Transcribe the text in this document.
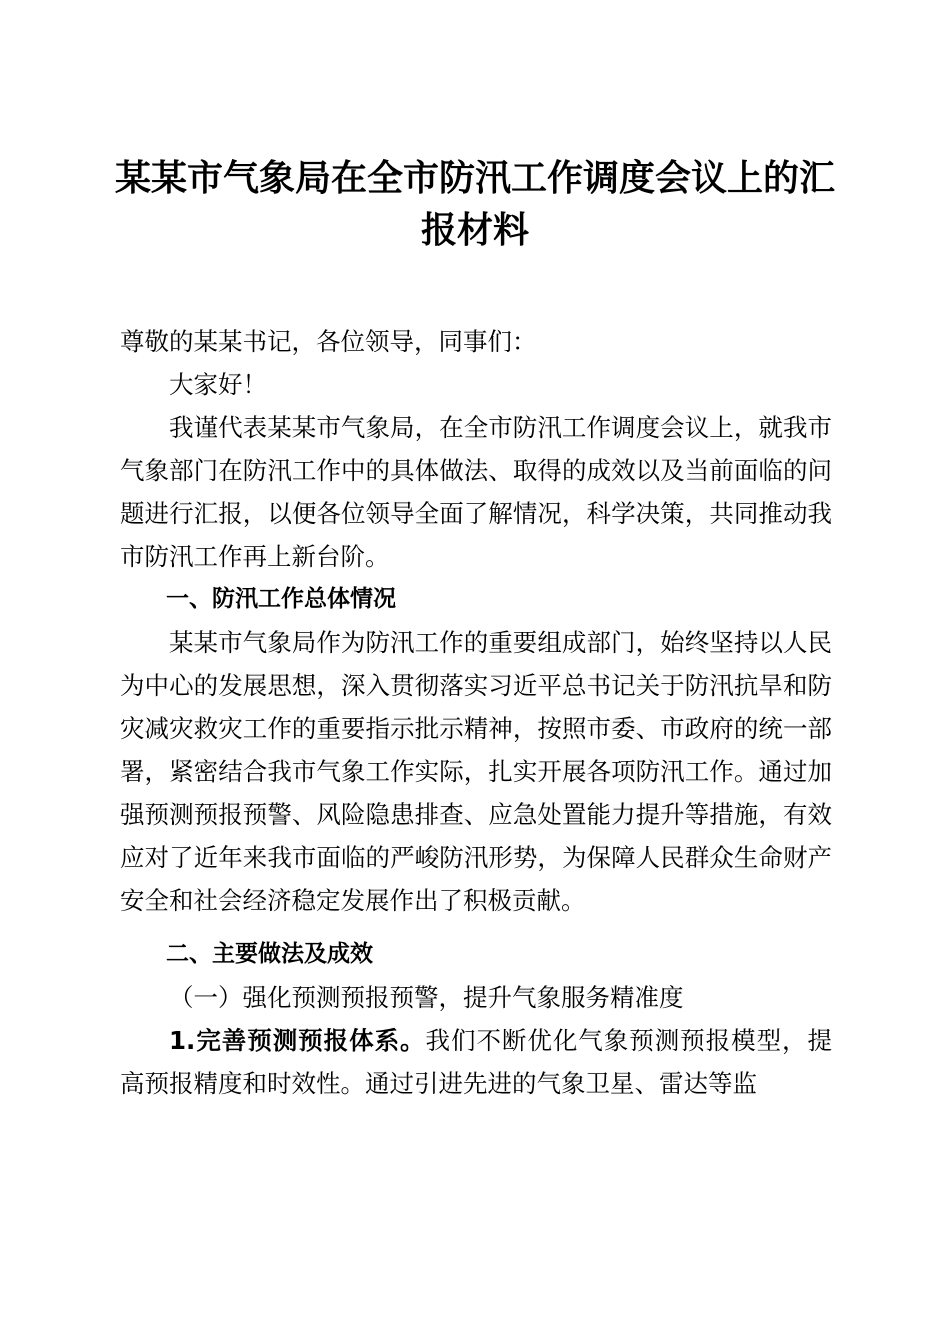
某某市气象局在全市防汛工作调度会议上的汇报材料

尊敬的某某书记，各位领导，同事们：

大家好！

我谨代表某某市气象局，在全市防汛工作调度会议上，就我市气象部门在防汛工作中的具体做法、取得的成效以及当前面临的问题进行汇报，以便各位领导全面了解情况，科学决策，共同推动我市防汛工作再上新台阶。

一、防汛工作总体情况

某某市气象局作为防汛工作的重要组成部门，始终坚持以人民为中心的发展思想，深入贯彻落实习近平总书记关于防汛抗旱和防灾减灾救灾工作的重要指示批示精神，按照市委、市政府的统一部署，紧密结合我市气象工作实际，扎实开展各项防汛工作。通过加强预测预报预警、风险隐患排查、应急处置能力提升等措施，有效应对了近年来我市面临的严峻防汛形势，为保障人民群众生命财产安全和社会经济稳定发展作出了积极贡献。

二、主要做法及成效

（一）强化预测预报预警，提升气象服务精准度

1.完善预测预报体系。我们不断优化气象预测预报模型，提高预报精度和时效性。通过引进先进的气象卫星、雷达等监
